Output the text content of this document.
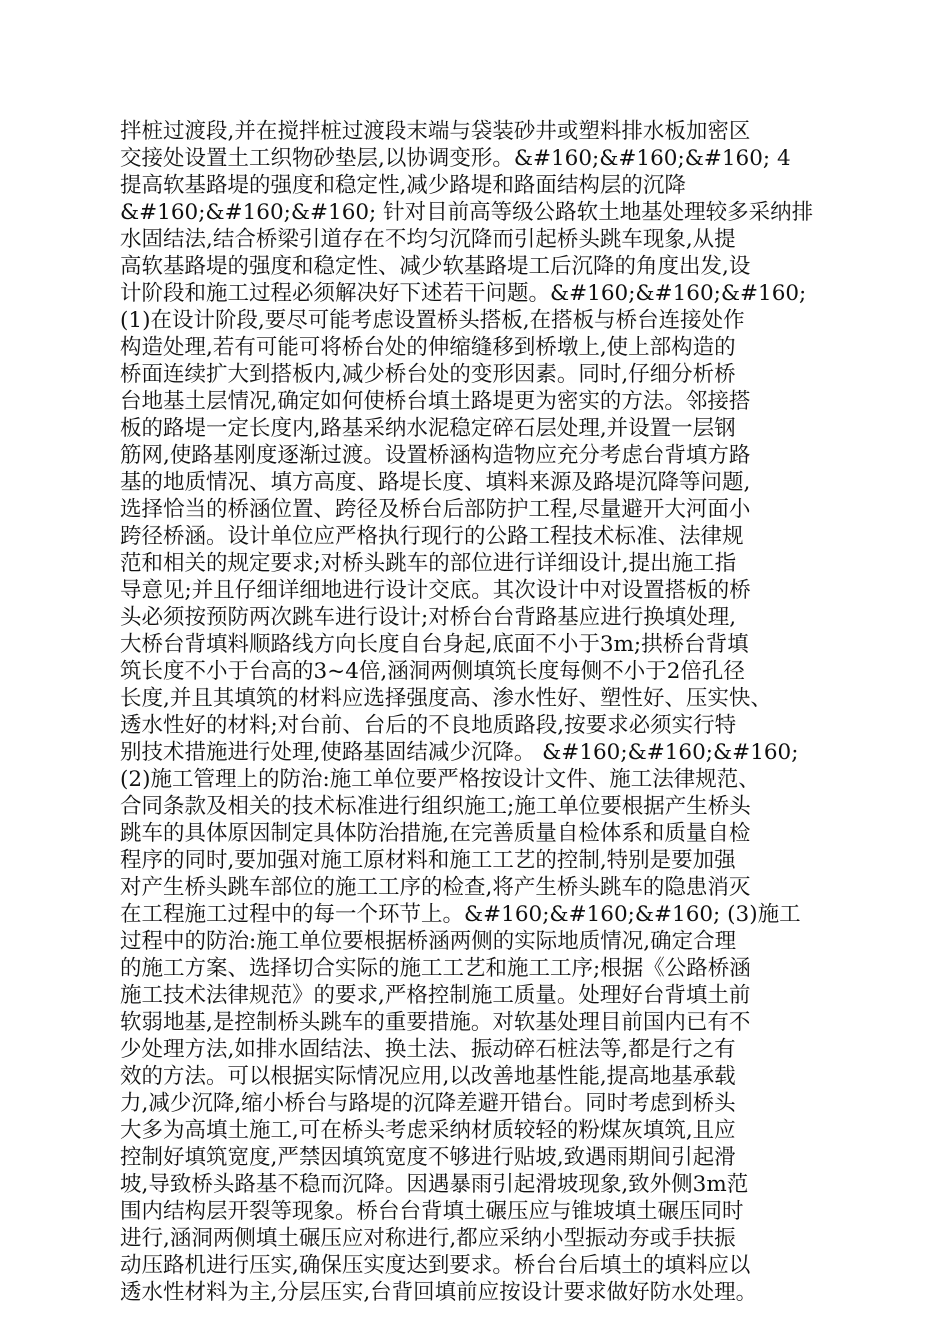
拌桩过渡段,并在搅拌桩过渡段末端与袋装砂井或塑料排水板加密区
交接处设置土工织物砂垫层,以协调变形。&#160;&#160;&#160; 4
提高软基路堤的强度和稳定性,减少路堤和路面结构层的沉降
&#160;&#160;&#160; 针对目前高等级公路软土地基处理较多采纳排
水固结法,结合桥梁引道存在不均匀沉降而引起桥头跳车现象,从提
高软基路堤的强度和稳定性、减少软基路堤工后沉降的角度出发,设
计阶段和施工过程必须解决好下述若干问题。&#160;&#160;&#160;
(1)在设计阶段,要尽可能考虑设置桥头搭板,在搭板与桥台连接处作
构造处理,若有可能可将桥台处的伸缩缝移到桥墩上,使上部构造的
桥面连续扩大到搭板内,减少桥台处的变形因素。同时,仔细分析桥
台地基土层情况,确定如何使桥台填土路堤更为密实的方法。邻接搭
板的路堤一定长度内,路基采纳水泥稳定碎石层处理,并设置一层钢
筋网,使路基刚度逐渐过渡。设置桥涵构造物应充分考虑台背填方路
基的地质情况、填方高度、路堤长度、填料来源及路堤沉降等问题,
选择恰当的桥涵位置、跨径及桥台后部防护工程,尽量避开大河面小
跨径桥涵。设计单位应严格执行现行的公路工程技术标准、法律规
范和相关的规定要求;对桥头跳车的部位进行详细设计,提出施工指
导意见;并且仔细详细地进行设计交底。其次设计中对设置搭板的桥
头必须按预防两次跳车进行设计;对桥台台背路基应进行换填处理,
大桥台背填料顺路线方向长度自台身起,底面不小于3m;拱桥台背填
筑长度不小于台高的3~4倍,涵洞两侧填筑长度每侧不小于2倍孔径
长度,并且其填筑的材料应选择强度高、渗水性好、塑性好、压实快、
透水性好的材料;对台前、台后的不良地质路段,按要求必须实行特
别技术措施进行处理,使路基固结减少沉降。 &#160;&#160;&#160;
(2)施工管理上的防治:施工单位要严格按设计文件、施工法律规范、
合同条款及相关的技术标准进行组织施工;施工单位要根据产生桥头
跳车的具体原因制定具体防治措施,在完善质量自检体系和质量自检
程序的同时,要加强对施工原材料和施工工艺的控制,特别是要加强
对产生桥头跳车部位的施工工序的检查,将产生桥头跳车的隐患消灭
在工程施工过程中的每一个环节上。&#160;&#160;&#160; (3)施工
过程中的防治:施工单位要根据桥涵两侧的实际地质情况,确定合理
的施工方案、选择切合实际的施工工艺和施工工序;根据《公路桥涵
施工技术法律规范》的要求,严格控制施工质量。处理好台背填土前
软弱地基,是控制桥头跳车的重要措施。对软基处理目前国内已有不
少处理方法,如排水固结法、换土法、振动碎石桩法等,都是行之有
效的方法。可以根据实际情况应用,以改善地基性能,提高地基承载
力,减少沉降,缩小桥台与路堤的沉降差避开错台。同时考虑到桥头
大多为高填土施工,可在桥头考虑采纳材质较轻的粉煤灰填筑,且应
控制好填筑宽度,严禁因填筑宽度不够进行贴坡,致遇雨期间引起滑
坡,导致桥头路基不稳而沉降。因遇暴雨引起滑坡现象,致外侧3m范
围内结构层开裂等现象。桥台台背填土碾压应与锥坡填土碾压同时
进行,涵洞两侧填土碾压应对称进行,都应采纳小型振动夯或手扶振
动压路机进行压实,确保压实度达到要求。桥台台后填土的填料应以
透水性材料为主,分层压实,台背回填前应按设计要求做好防水处理。
